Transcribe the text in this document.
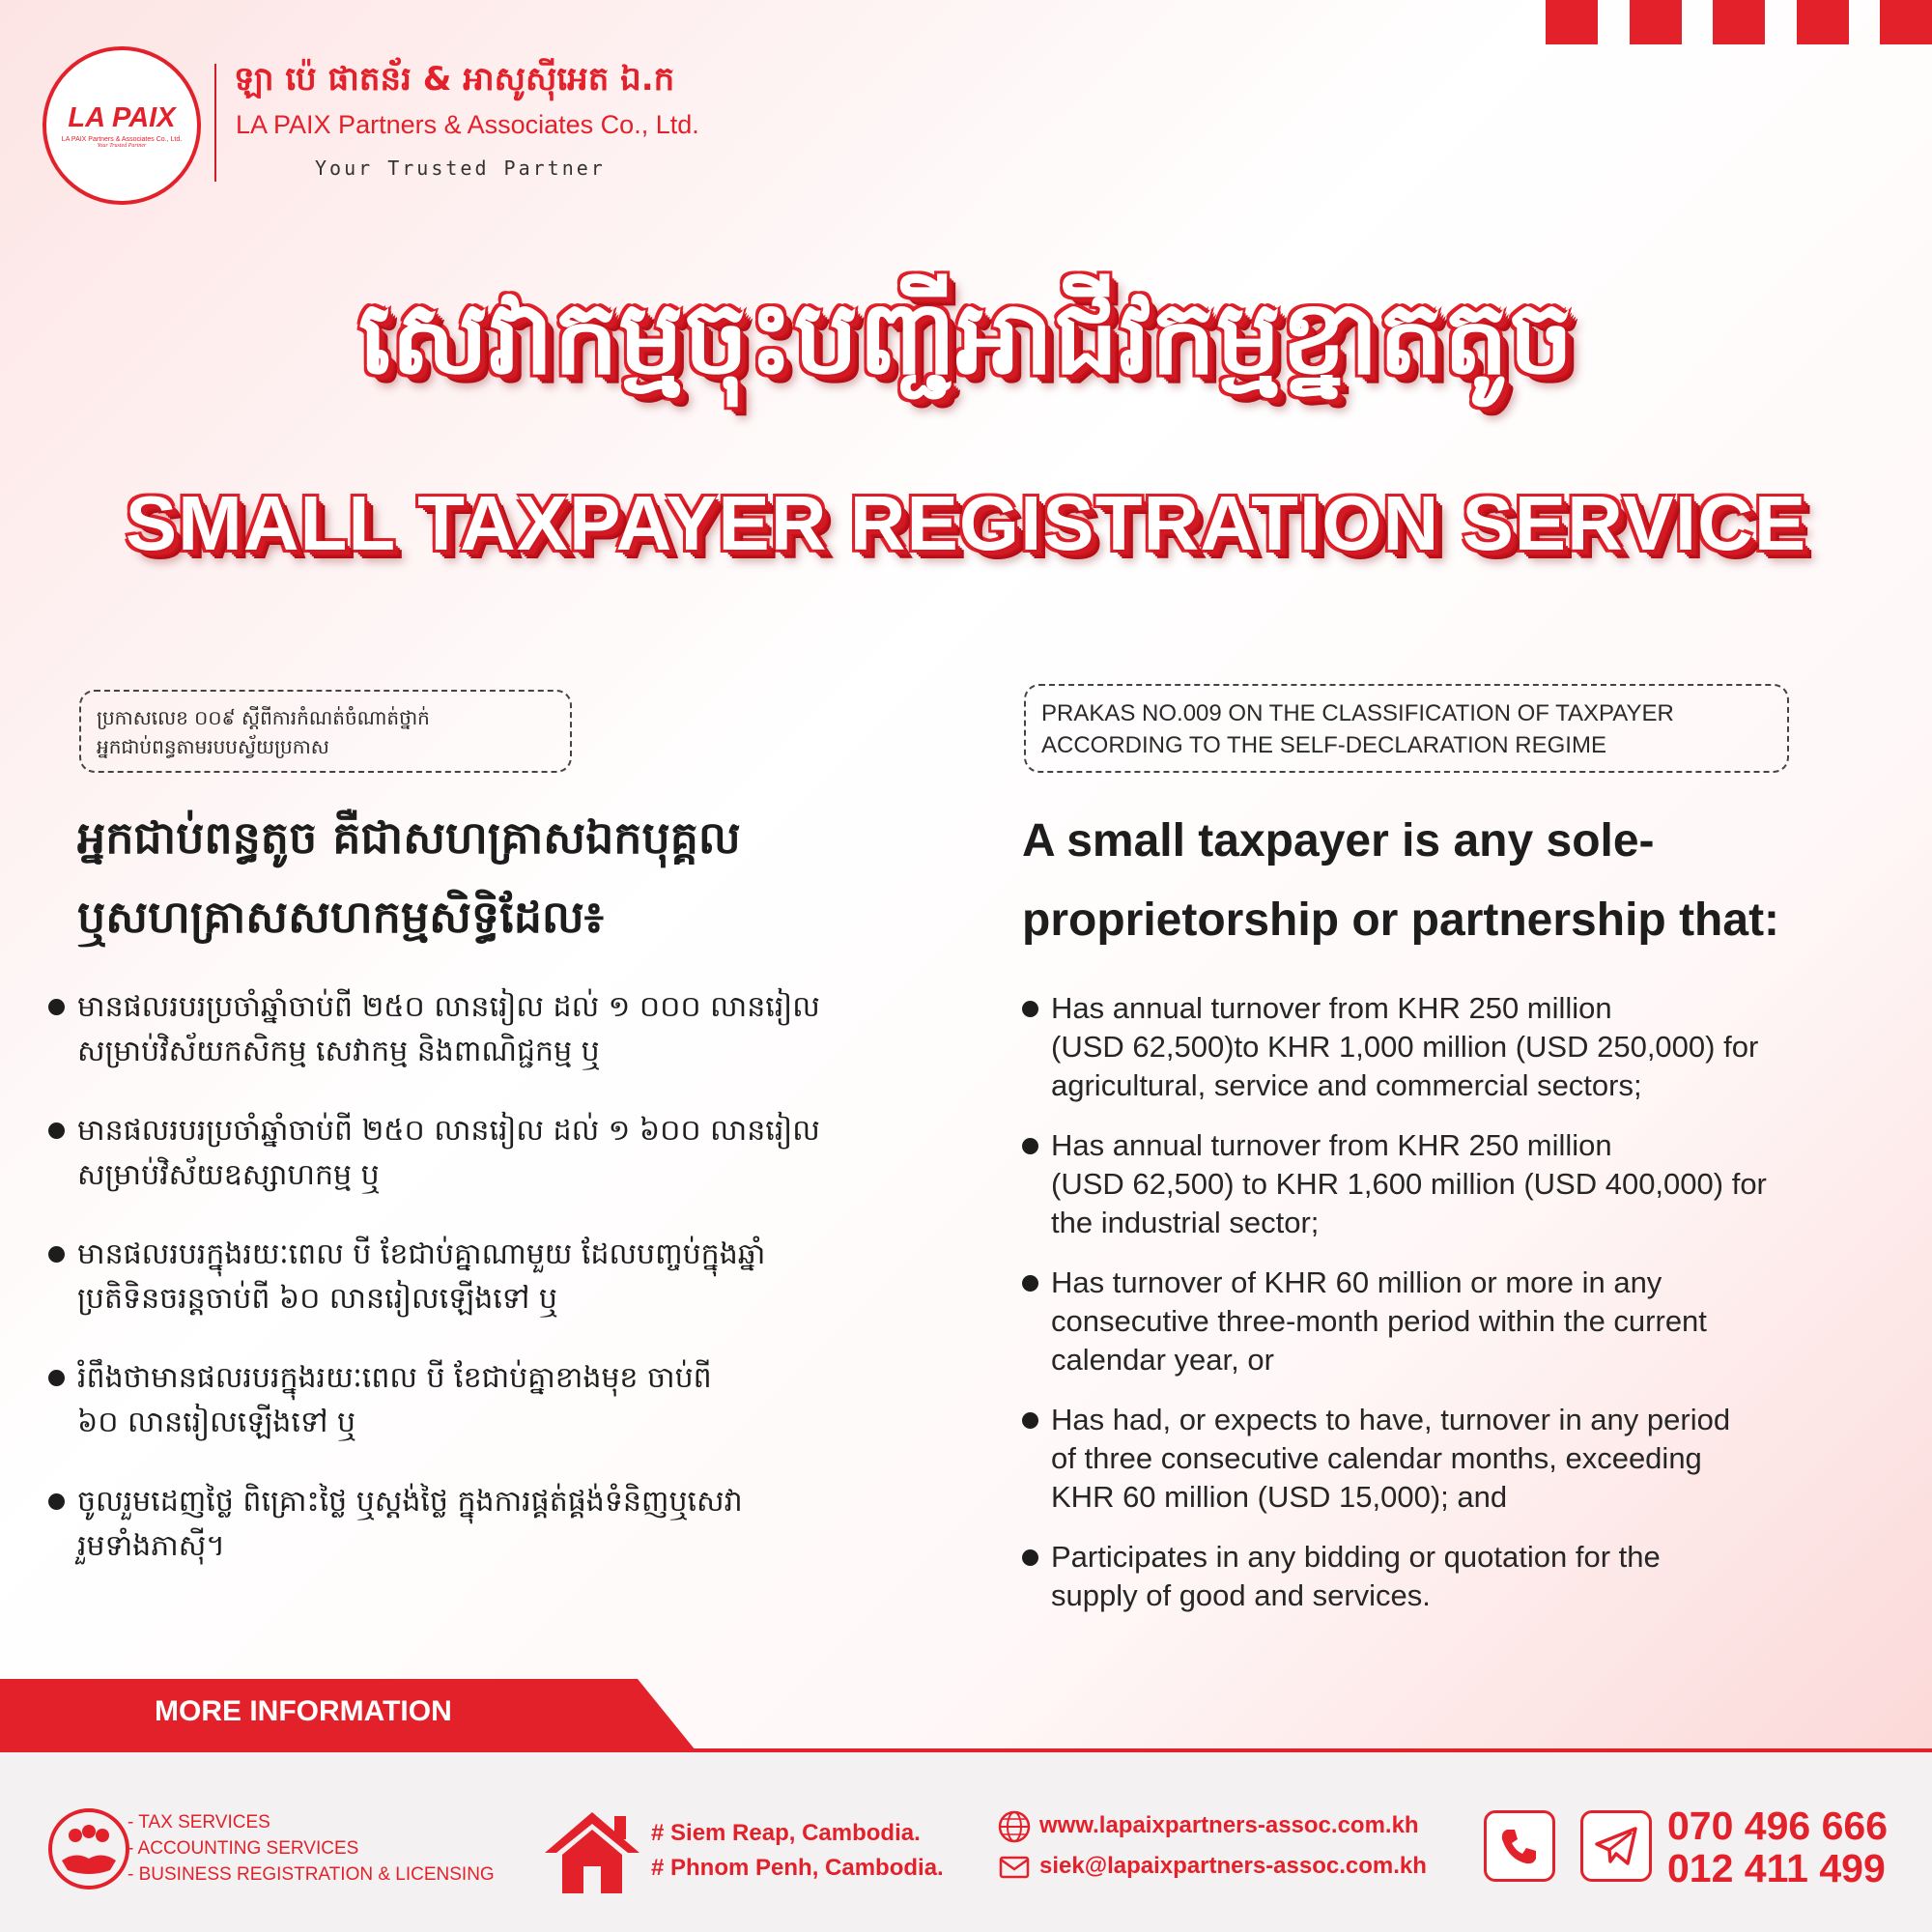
LA PAIX
LA PAIX Partners & Associates Co., Ltd.
Your Trusted Partner
ឡា ប៉េ ផាតន័រ & អាសូស៊ីអេត ឯ.ក
LA PAIX Partners & Associates Co., Ltd.
Your Trusted Partner
សេវាកម្មចុះបញ្ជីអាជីវកម្មខ្នាតតូច
SMALL TAXPAYER REGISTRATION SERVICE
ប្រកាសលេខ ០០៩ ស្តីពីការកំណត់ចំណាត់ថ្នាក់
អ្នកជាប់ពន្ធតាមរបបស្វ័យប្រកាស
PRAKAS NO.009 ON THE CLASSIFICATION OF TAXPAYER
ACCORDING TO THE SELF-DECLARATION REGIME
អ្នកជាប់ពន្ធតូច គឺជាសហគ្រាសឯកបុគ្គល
ឬសហគ្រាសសហកម្មសិទ្ធិដែល៖
A small taxpayer is any sole-
proprietorship or partnership that:
មានផលរបរប្រចាំឆ្នាំចាប់ពី ២៥០ លានរៀល ដល់ ១ ០០០ លានរៀល
សម្រាប់វិស័យកសិកម្ម សេវាកម្ម និងពាណិជ្ជកម្ម ឬ
មានផលរបរប្រចាំឆ្នាំចាប់ពី ២៥០ លានរៀល ដល់ ១ ៦០០ លានរៀល
សម្រាប់វិស័យឧស្សាហកម្ម ឬ
មានផលរបរក្នុងរយៈពេល បី ខែជាប់គ្នាណាមួយ ដែលបញ្ចប់ក្នុងឆ្នាំ
ប្រតិទិនចរន្តចាប់ពី ៦០ លានរៀលឡើងទៅ ឬ
រំពឹងថាមានផលរបរក្នុងរយៈពេល បី ខែជាប់គ្នាខាងមុខ ចាប់ពី
៦០ លានរៀលឡើងទៅ ឬ
ចូលរួមដេញថ្លៃ ពិគ្រោះថ្លៃ ឬស្តង់ថ្លៃ ក្នុងការផ្គត់ផ្គង់ទំនិញឬសេវា
រួមទាំងភាស៊ី។
Has annual turnover from KHR 250 million
(USD 62,500)to KHR 1,000 million (USD 250,000) for
agricultural, service and commercial sectors;
Has annual turnover from KHR 250 million
(USD 62,500) to KHR 1,600 million (USD 400,000) for
the industrial sector;
Has turnover of KHR 60 million or more in any
consecutive three-month period within the current
calendar year, or
Has had, or expects to have, turnover in any period
of three consecutive calendar months, exceeding
KHR 60 million (USD 15,000); and
Participates in any bidding or quotation for the
supply of good and services.
MORE INFORMATION
- TAX SERVICES
- ACCOUNTING SERVICES
- BUSINESS REGISTRATION & LICENSING
# Siem Reap, Cambodia.
# Phnom Penh, Cambodia.
www.lapaixpartners-assoc.com.kh
siek@lapaixpartners-assoc.com.kh
070 496 666
012 411 499
